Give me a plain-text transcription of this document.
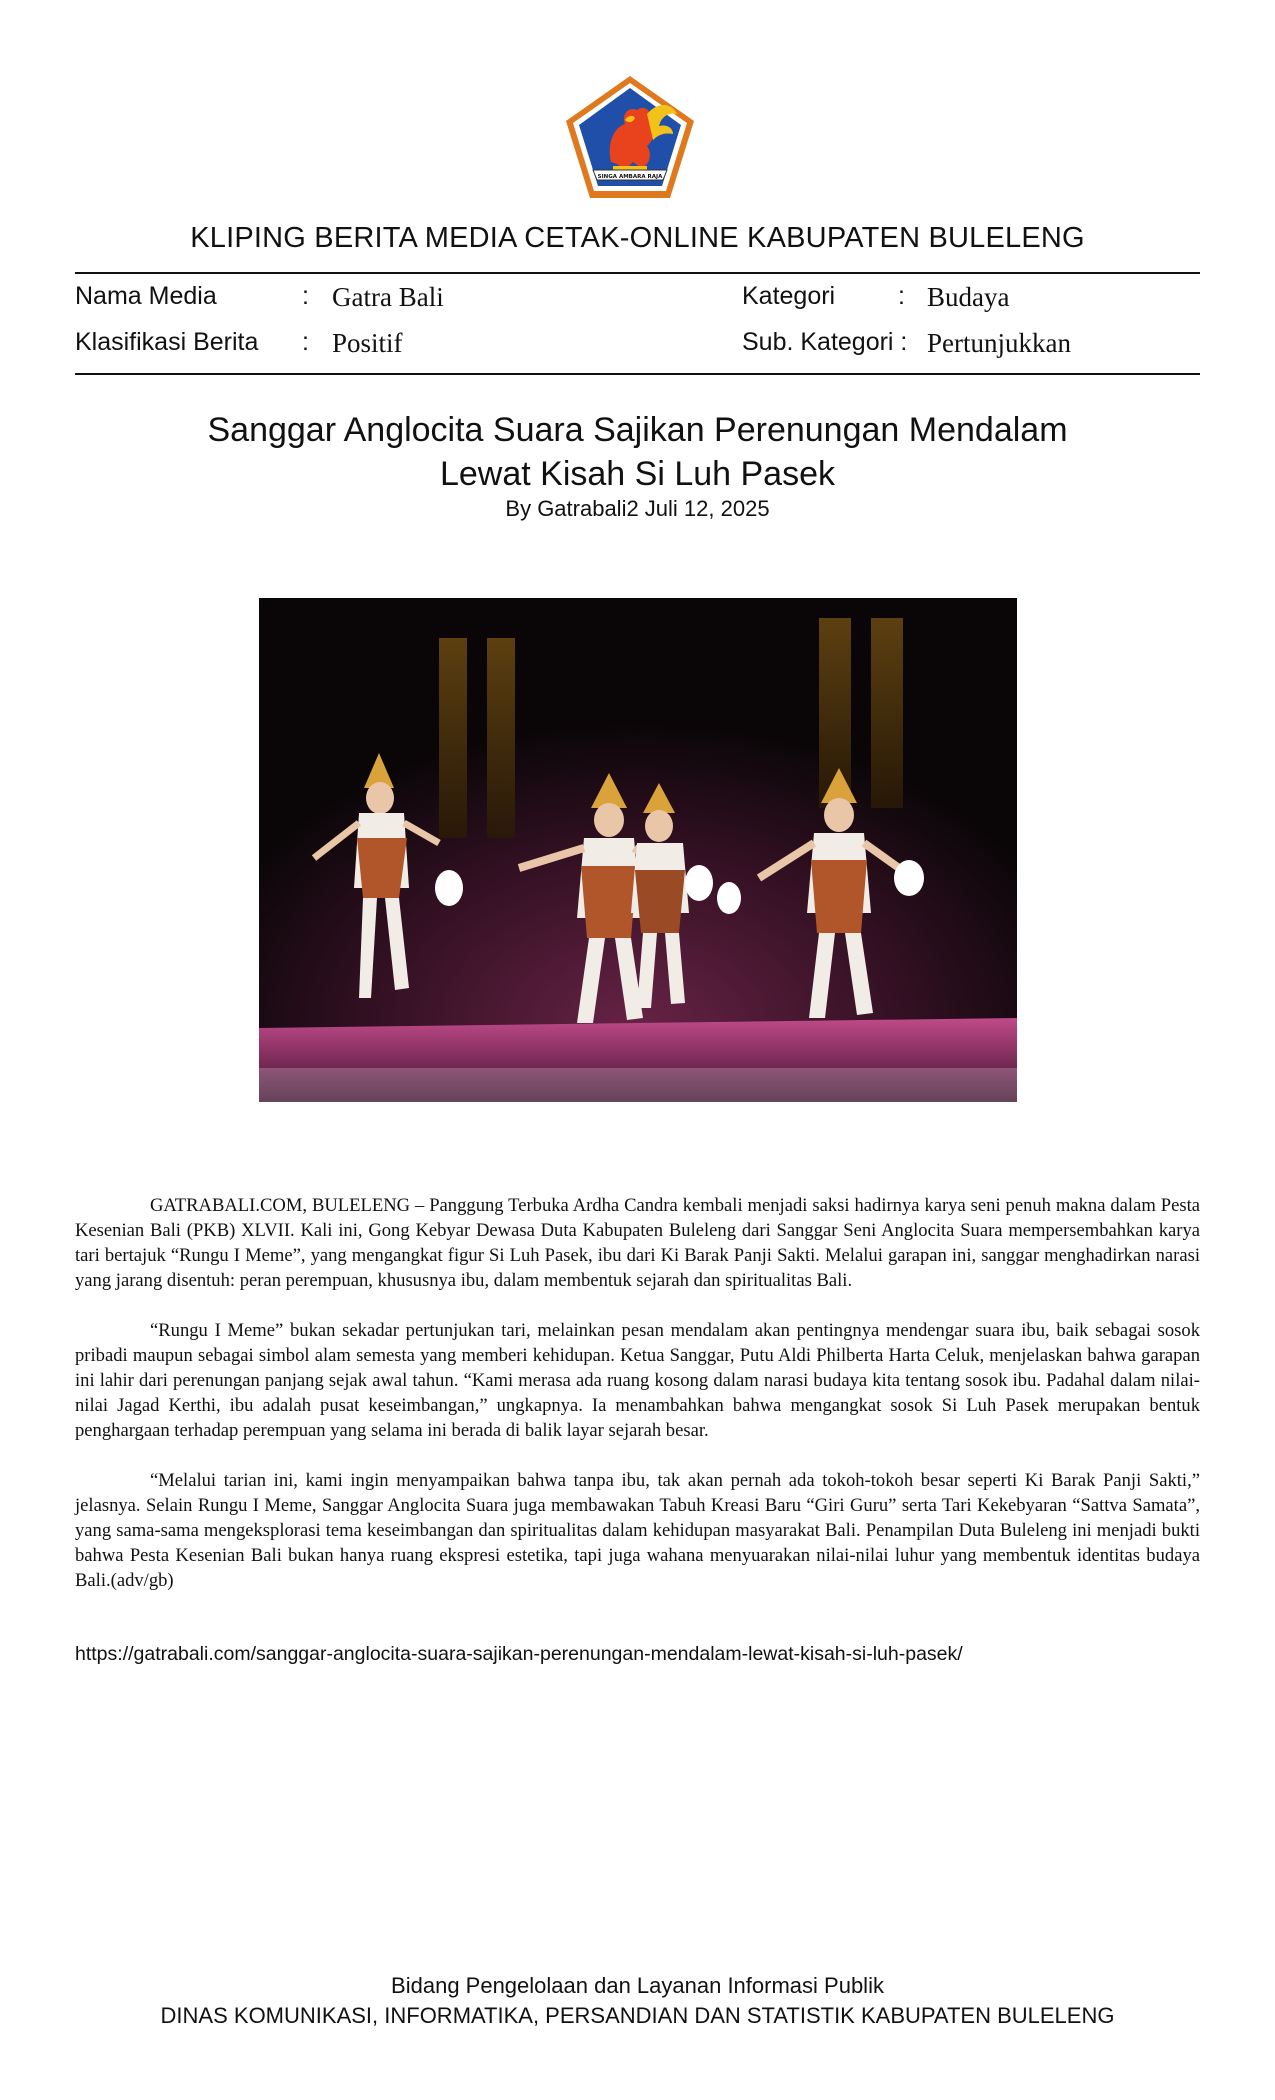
SINGA AMBARA RAJA
KLIPING BERITA MEDIA CETAK-ONLINE KABUPATEN BULELENG
Nama Media	: Gatra Bali
Klasifikasi Berita : Positif
Kategori	: Budaya
Sub. Kategori : Pertunjukkan
Sanggar Anglocita Suara Sajikan Perenungan Mendalam
Lewat Kisah Si Luh Pasek
By Gatrabali2 Juli 12, 2025

GATRABALI.COM, BULELENG – Panggung Terbuka Ardha Candra kembali menjadi saksi hadirnya karya seni penuh makna dalam Pesta Kesenian Bali (PKB) XLVII. Kali ini, Gong Kebyar Dewasa Duta Kabupaten Buleleng dari Sanggar Seni Anglocita Suara mempersembahkan karya tari bertajuk “Rungu I Meme”, yang mengangkat figur Si Luh Pasek, ibu dari Ki Barak Panji Sakti. Melalui garapan ini, sanggar menghadirkan narasi yang jarang disentuh: peran perempuan, khususnya ibu, dalam membentuk sejarah dan spiritualitas Bali.

“Rungu I Meme” bukan sekadar pertunjukan tari, melainkan pesan mendalam akan pentingnya mendengar suara ibu, baik sebagai sosok pribadi maupun sebagai simbol alam semesta yang memberi kehidupan. Ketua Sanggar, Putu Aldi Philberta Harta Celuk, menjelaskan bahwa garapan ini lahir dari perenungan panjang sejak awal tahun. “Kami merasa ada ruang kosong dalam narasi budaya kita tentang sosok ibu. Padahal dalam nilai-nilai Jagad Kerthi, ibu adalah pusat keseimbangan,” ungkapnya. Ia menambahkan bahwa mengangkat sosok Si Luh Pasek merupakan bentuk penghargaan terhadap perempuan yang selama ini berada di balik layar sejarah besar.

“Melalui tarian ini, kami ingin menyampaikan bahwa tanpa ibu, tak akan pernah ada tokoh-tokoh besar seperti Ki Barak Panji Sakti,” jelasnya. Selain Rungu I Meme, Sanggar Anglocita Suara juga membawakan Tabuh Kreasi Baru “Giri Guru” serta Tari Kekebyaran “Sattva Samata”, yang sama-sama mengeksplorasi tema keseimbangan dan spiritualitas dalam kehidupan masyarakat Bali. Penampilan Duta Buleleng ini menjadi bukti bahwa Pesta Kesenian Bali bukan hanya ruang ekspresi estetika, tapi juga wahana menyuarakan nilai-nilai luhur yang membentuk identitas budaya Bali.(adv/gb)

https://gatrabali.com/sanggar-anglocita-suara-sajikan-perenungan-mendalam-lewat-kisah-si-luh-pasek/
Bidang Pengelolaan dan Layanan Informasi Publik
DINAS KOMUNIKASI, INFORMATIKA, PERSANDIAN DAN STATISTIK KABUPATEN BULELENG
